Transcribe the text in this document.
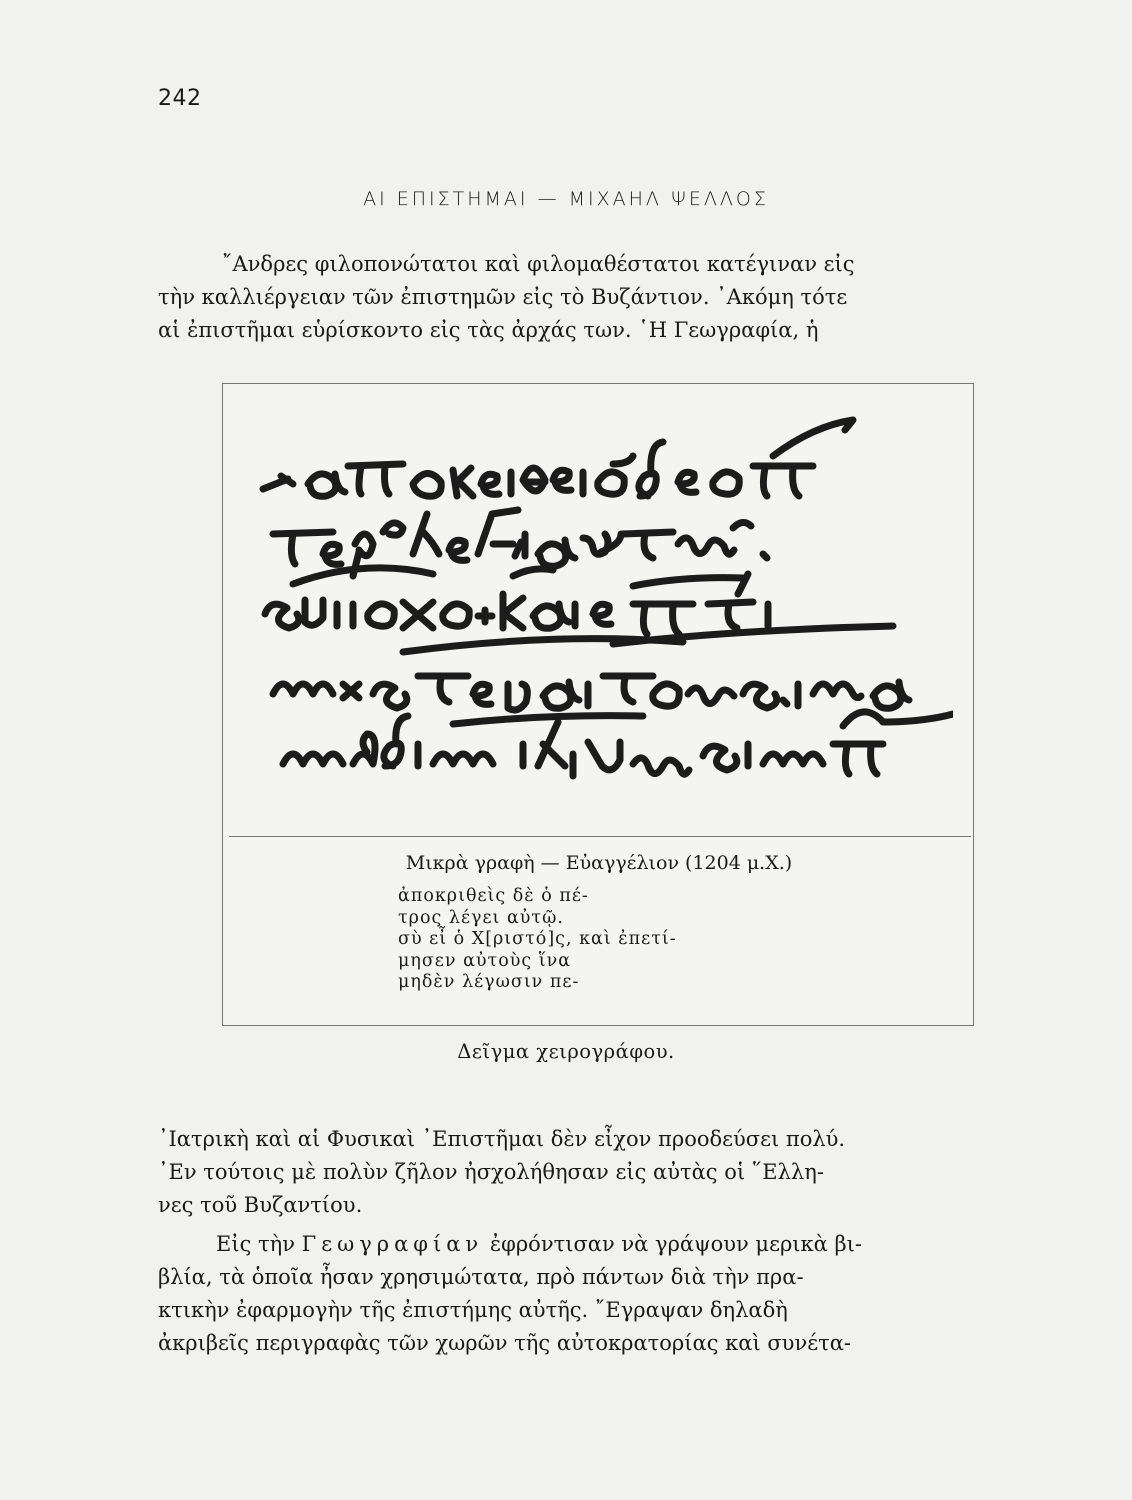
242
ΑΙ ΕΠΙΣΤΗΜΑΙ — ΜΙΧΑΗΛ ΨΕΛΛΟΣ
῎Ανδρες φιλοπονώτατοι καὶ φιλομαθέστατοι κατέγιναν εἰς
τὴν καλλιέργειαν τῶν ἐπιστημῶν εἰς τὸ Βυζάντιον. ᾿Ακόμη τότε
αἱ ἐπιστῆμαι εὑρίσκοντο εἰς τὰς ἀρχάς των. ῾Η Γεωγραφία, ἡ
Μικρὰ γραφὴ — Εὐαγγέλιον (1204 μ.Χ.)
ἀποκριθεὶς δὲ ὁ πέ-
τρος λέγει αὐτῷ.
σὺ εἶ ὁ Χ[ριστό]ς, καὶ ἐπετί-
μησεν αὐτοὺς ἵνα
μηδὲν λέγωσιν πε-
Δεῖγμα χειρογράφου.
᾿Ιατρικὴ καὶ αἱ Φυσικαὶ ᾿Επιστῆμαι δὲν εἶχον προοδεύσει πολύ.
᾿Εν τούτοις μὲ πολὺν ζῆλον ἠσχολήθησαν εἰς αὐτὰς οἱ ῞Ελλη-
νες τοῦ Βυζαντίου.
Εἰς τὴν Γεωγραφίαν ἐφρόντισαν νὰ γράψουν μερικὰ βι-
βλία, τὰ ὁποῖα ἦσαν χρησιμώτατα, πρὸ πάντων διὰ τὴν πρα-
κτικὴν ἐφαρμογὴν τῆς ἐπιστήμης αὐτῆς. ῎Εγραψαν δηλαδὴ
ἀκριβεῖς περιγραφὰς τῶν χωρῶν τῆς αὐτοκρατορίας καὶ συνέτα-
